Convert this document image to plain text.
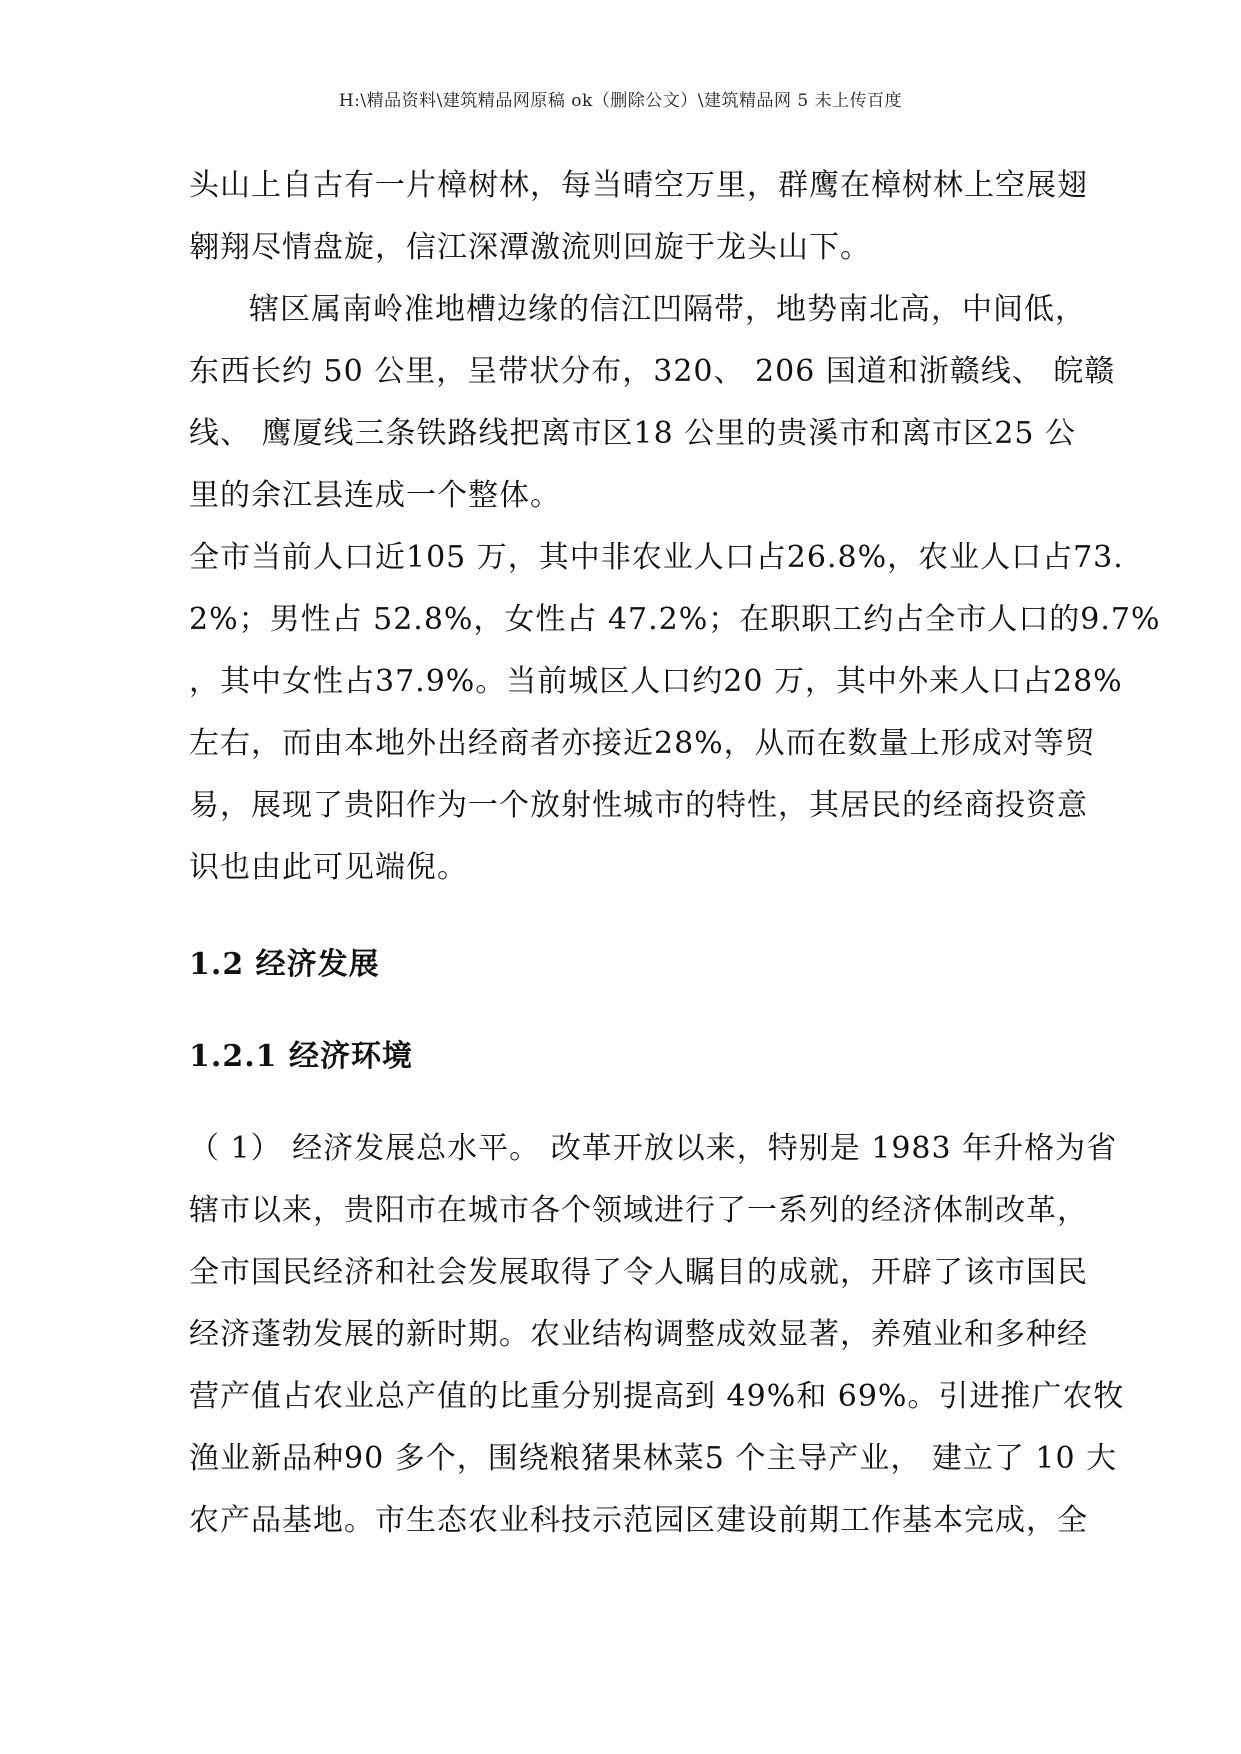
H:\精品资料\建筑精品网原稿 ok（删除公文）\建筑精品网 5 未上传百度
头山上自古有一片樟树林，每当晴空万里，群鹰在樟树林上空展翅
翱翔尽情盘旋，信江深潭激流则回旋于龙头山下。
辖区属南岭准地槽边缘的信江凹隔带，地势南北高，中间低，
东西长约 50 公里，呈带状分布，320、 206 国道和浙赣线、 皖赣
线、 鹰厦线三条铁路线把离市区18 公里的贵溪市和离市区25 公
里的余江县连成一个整体。
全市当前人口近105 万，其中非农业人口占26.8%，农业人口占73.
2%；男性占 52.8%，女性占 47.2%；在职职工约占全市人口的9.7%
，其中女性占37.9%。当前城区人口约20 万，其中外来人口占28%
左右，而由本地外出经商者亦接近28%，从而在数量上形成对等贸
易，展现了贵阳作为一个放射性城市的特性，其居民的经商投资意
识也由此可见端倪。
1.2 经济发展
1.2.1 经济环境
（ 1） 经济发展总水平。 改革开放以来，特别是 1983 年升格为省
辖市以来，贵阳市在城市各个领域进行了一系列的经济体制改革，
全市国民经济和社会发展取得了令人瞩目的成就，开辟了该市国民
经济蓬勃发展的新时期。农业结构调整成效显著，养殖业和多种经
营产值占农业总产值的比重分别提高到 49%和 69%。引进推广农牧
渔业新品种90 多个，围绕粮猪果林菜5 个主导产业， 建立了 10 大
农产品基地。市生态农业科技示范园区建设前期工作基本完成，全
